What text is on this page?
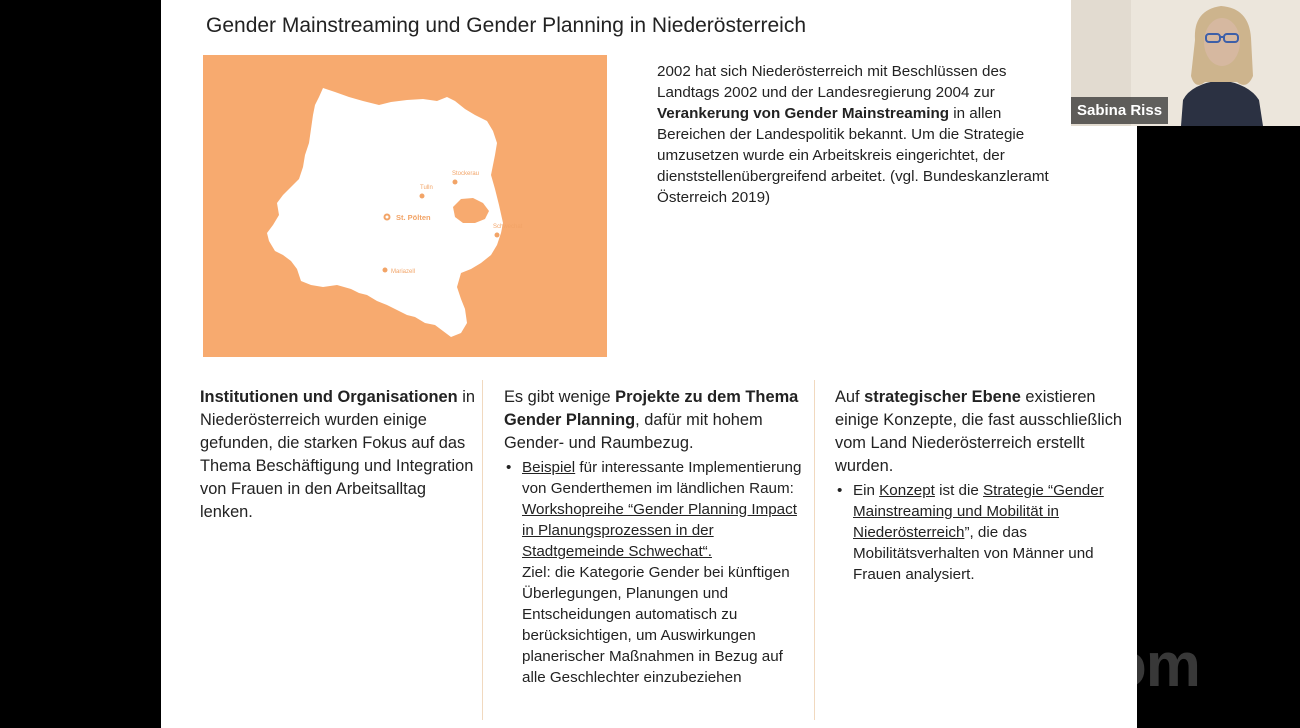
Gender Mainstreaming und Gender Planning in Niederösterreich
St. Pölten
Tulln
Stockerau
Schwechat
Mariazell
2002 hat sich Niederösterreich mit Beschlüssen des Landtags 2002 und der Landesregierung 2004 zur Verankerung von Gender Mainstreaming in allen Bereichen der Landespolitik bekannt. Um die Strategie umzusetzen wurde ein Arbeitskreis eingerichtet, der dienststellenübergreifend arbeitet. (vgl. Bundeskanzleramt Österreich 2019)
Institutionen und Organisationen in Niederösterreich wurden einige gefunden, die starken Fokus auf das Thema Beschäftigung und Integration von Frauen in den Arbeitsalltag lenken.
Es gibt wenige Projekte zu dem Thema Gender Planning, dafür mit hohem Gender- und Raumbezug.
• Beispiel für interessante Implementierung von Genderthemen im ländlichen Raum: Workshopreihe “Gender Planning Impact in Planungsprozessen in der Stadtgemeinde Schwechat“.
Ziel: die Kategorie Gender bei künftigen Überlegungen, Planungen und Entscheidungen automatisch zu berücksichtigen, um Auswirkungen planerischer Maßnahmen in Bezug auf alle Geschlechter einzubeziehen
Auf strategischer Ebene existieren einige Konzepte, die fast ausschließlich vom Land Niederösterreich erstellt wurden.
• Ein Konzept ist die Strategie “Gender Mainstreaming und Mobilität in Niederösterreich”, die das Mobilitätsverhalten von Männer und Frauen analysiert.
Sabina Riss
zoom
